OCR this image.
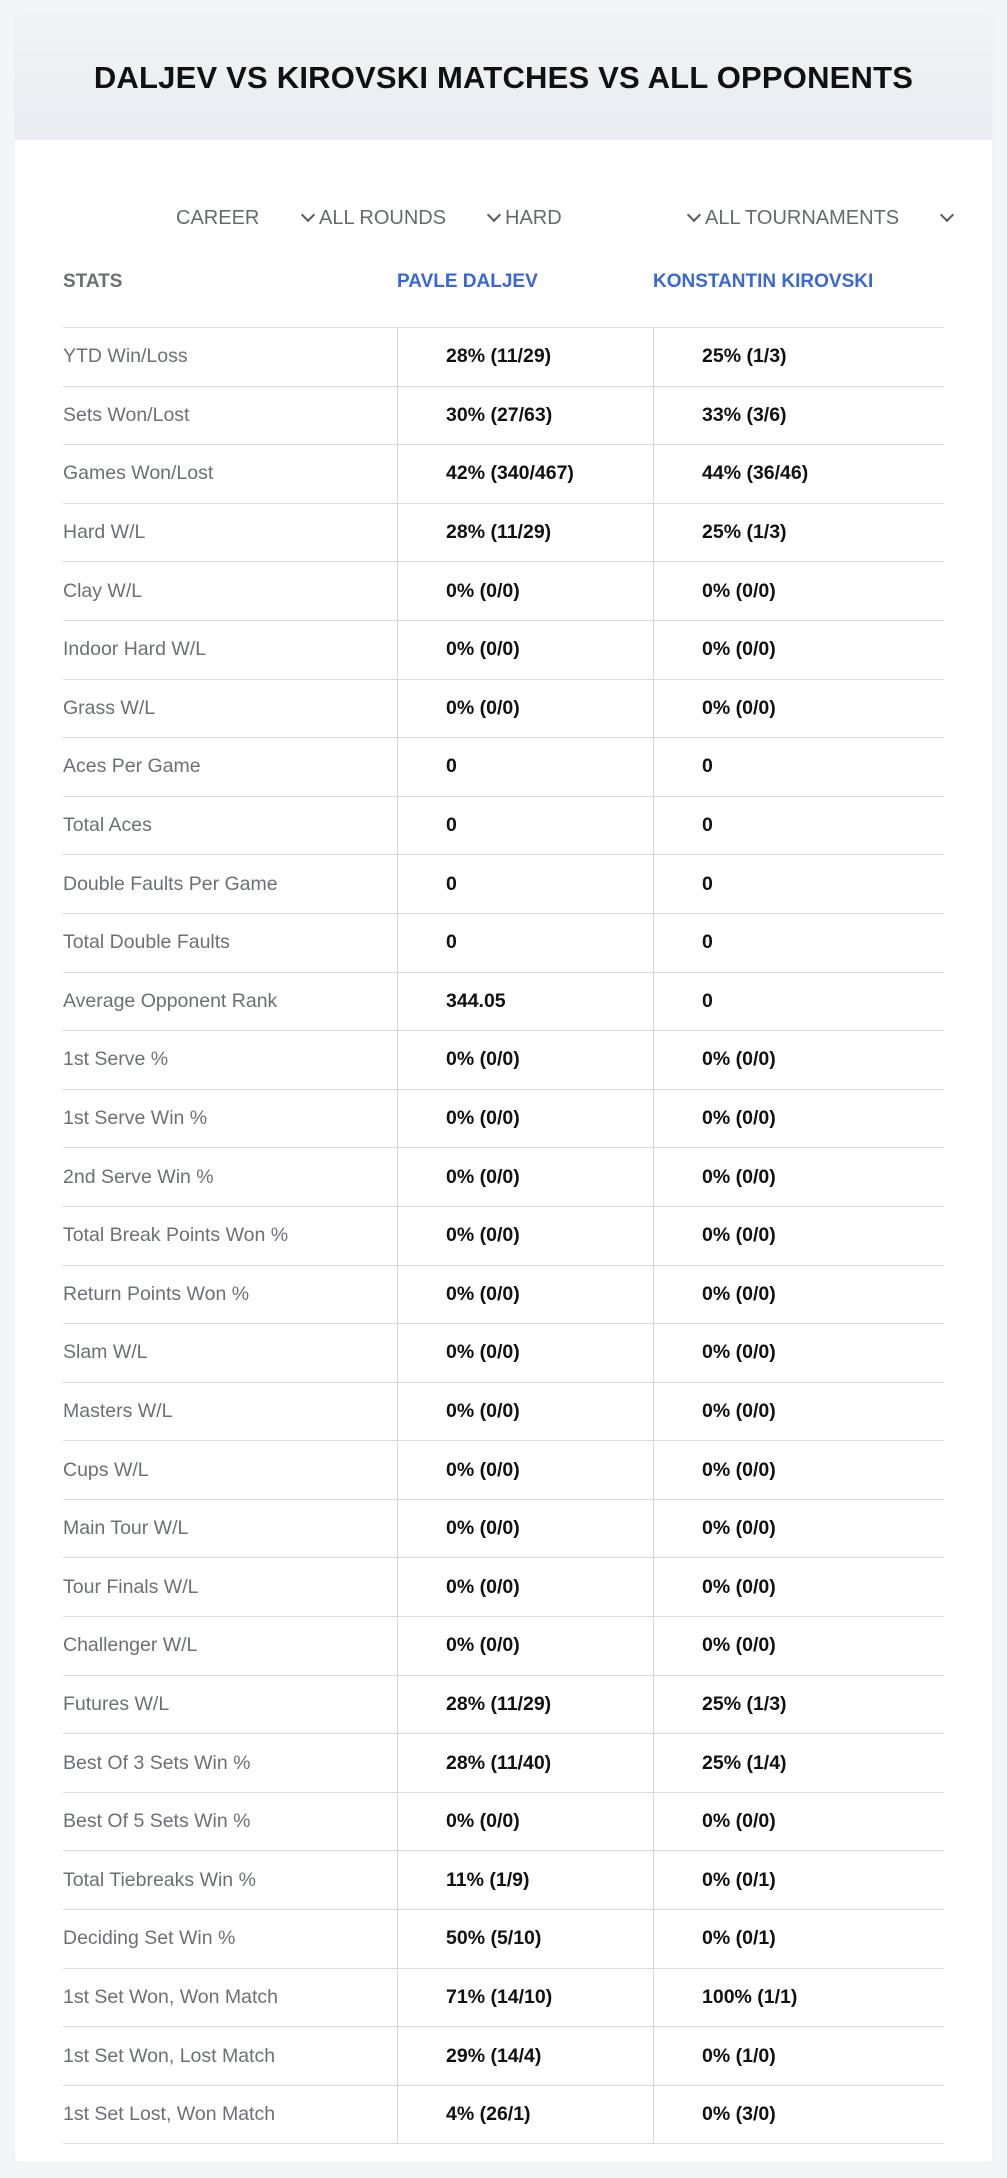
DALJEV VS KIROVSKI MATCHES VS ALL OPPONENTS
CAREER	ALL ROUNDS	HARD	ALL TOURNAMENTS
STATS	PAVLE DALJEV	KONSTANTIN KIROVSKI
YTD Win/Loss	28% (11/29)	25% (1/3)
Sets Won/Lost	30% (27/63)	33% (3/6)
Games Won/Lost	42% (340/467)	44% (36/46)
Hard W/L	28% (11/29)	25% (1/3)
Clay W/L	0% (0/0)	0% (0/0)
Indoor Hard W/L	0% (0/0)	0% (0/0)
Grass W/L	0% (0/0)	0% (0/0)
Aces Per Game	0	0
Total Aces	0	0
Double Faults Per Game	0	0
Total Double Faults	0	0
Average Opponent Rank	344.05	0
1st Serve %	0% (0/0)	0% (0/0)
1st Serve Win %	0% (0/0)	0% (0/0)
2nd Serve Win %	0% (0/0)	0% (0/0)
Total Break Points Won %	0% (0/0)	0% (0/0)
Return Points Won %	0% (0/0)	0% (0/0)
Slam W/L	0% (0/0)	0% (0/0)
Masters W/L	0% (0/0)	0% (0/0)
Cups W/L	0% (0/0)	0% (0/0)
Main Tour W/L	0% (0/0)	0% (0/0)
Tour Finals W/L	0% (0/0)	0% (0/0)
Challenger W/L	0% (0/0)	0% (0/0)
Futures W/L	28% (11/29)	25% (1/3)
Best Of 3 Sets Win %	28% (11/40)	25% (1/4)
Best Of 5 Sets Win %	0% (0/0)	0% (0/0)
Total Tiebreaks Win %	11% (1/9)	0% (0/1)
Deciding Set Win %	50% (5/10)	0% (0/1)
1st Set Won, Won Match	71% (14/10)	100% (1/1)
1st Set Won, Lost Match	29% (14/4)	0% (1/0)
1st Set Lost, Won Match	4% (26/1)	0% (3/0)
